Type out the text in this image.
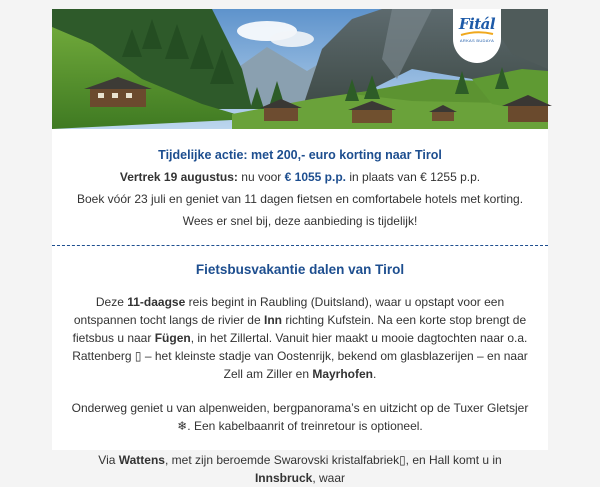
Fitál
ARKAS BUDAYA
Tijdelijke actie: met 200,- euro korting naar Tirol
Vertrek 19 augustus: nu voor € 1055 p.p. in plaats van € 1255 p.p.
Boek vóór 23 juli en geniet van 11 dagen fietsen en comfortabele hotels met korting.
Wees er snel bij, deze aanbieding is tijdelijk!
Fietsbusvakantie dalen van Tirol
Deze 11-daagse reis begint in Raubling (Duitsland), waar u opstapt voor een ontspannen tocht langs de rivier de Inn richting Kufstein. Na een korte stop brengt de fietsbus u naar Fügen, in het Zillertal. Vanuit hier maakt u mooie dagtochten naar o.a. Rattenberg ▯ – het kleinste stadje van Oostenrijk, bekend om glasblazerijen – en naar Zell am Ziller en Mayrhofen.
Onderweg geniet u van alpenweiden, bergpanorama’s en uitzicht op de Tuxer Gletsjer ❄. Een kabelbaanrit of treinretour is optioneel.
Via Wattens, met zijn beroemde Swarovski kristalfabriek▯, en Hall komt u in Innsbruck, waar
